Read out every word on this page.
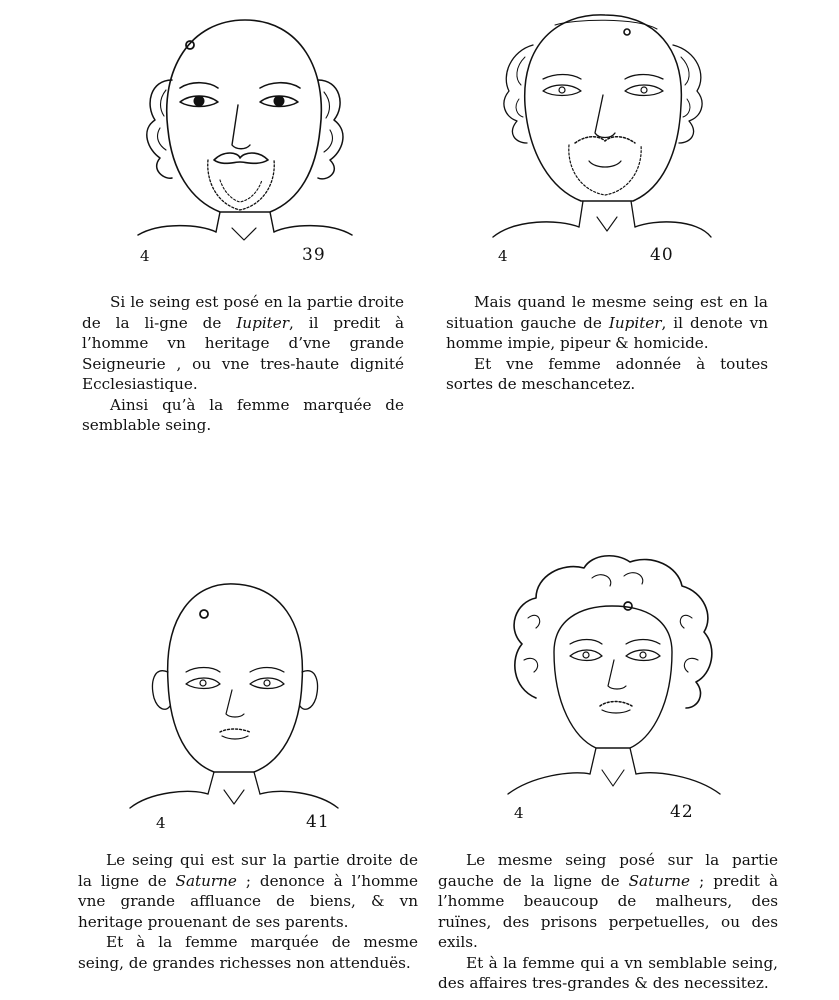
4	39

Si le seing est posé en la partie droite de la li-gne de Iupiter, il predit à l’homme vn heritage d’vne grande Seigneurie , ou vne tres-haute dignité Ecclesiastique.

Ainsi qu’à la femme marquée de semblable seing.

4	40

Mais quand le mesme seing est en la situation gauche de Iupiter, il denote vn homme impie, pipeur & homicide.

Et vne femme adonnée à toutes sortes de meschancetez.

4	41

Le seing qui est sur la partie droite de la ligne de Saturne ; denonce à l’homme vne grande affluance de biens, & vn heritage prouenant de ses parents.

Et à la femme marquée de mesme seing, de grandes richesses non attenduës.

4	42

Le mesme seing posé sur la partie gauche de la ligne de Saturne ; predit à l’homme beaucoup de malheurs, des ruïnes, des prisons perpetuelles, ou des exils.

Et à la femme qui a vn semblable seing, des affaires tres-grandes & des necessitez.
